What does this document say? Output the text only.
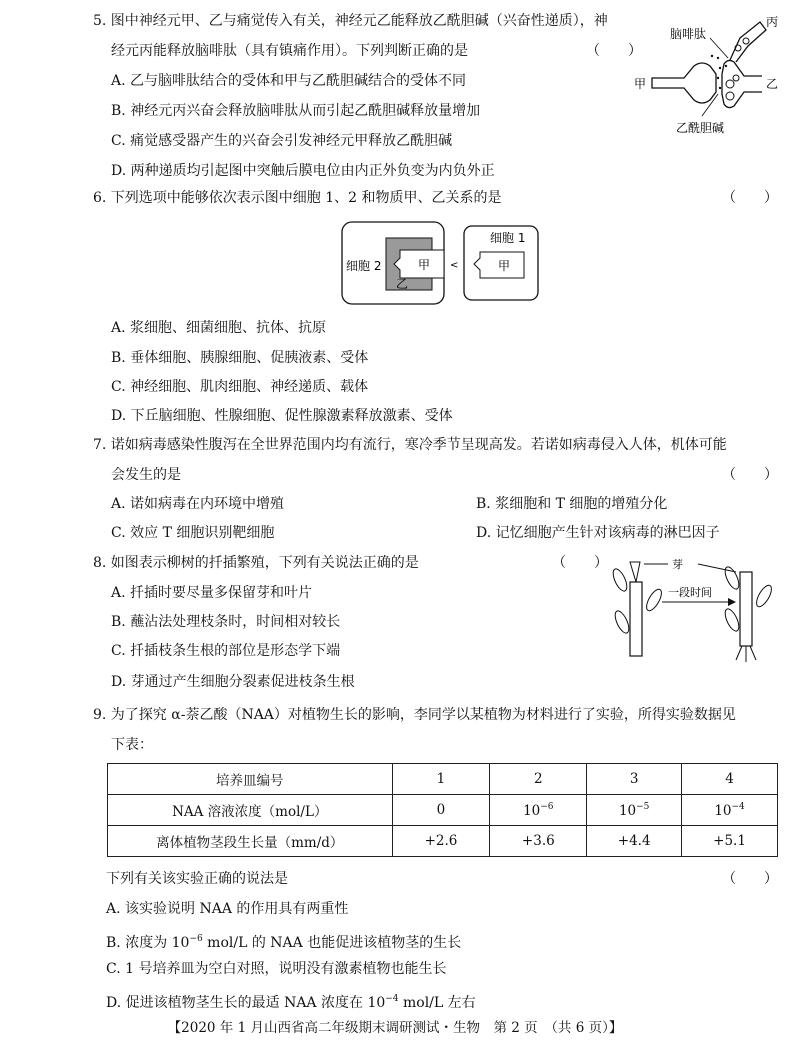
5. 图中神经元甲、乙与痛觉传入有关，神经元乙能释放乙酰胆碱（兴奋性递质），神
经元丙能释放脑啡肽（具有镇痛作用）。下列判断正确的是	（　　）
A. 乙与脑啡肽结合的受体和甲与乙酰胆碱结合的受体不同
B. 神经元丙兴奋会释放脑啡肽从而引起乙酰胆碱释放量增加
C. 痛觉感受器产生的兴奋会引发神经元甲释放乙酰胆碱
D. 两种递质均引起图中突触后膜电位由内正外负变为内负外正
脑啡肽
丙
甲	乙
乙酰胆碱
6. 下列选项中能够依次表示图中细胞 1、2 和物质甲、乙关系的是	（　　）
细胞 2
细胞 1
甲
乙
甲
<
A. 浆细胞、细菌细胞、抗体、抗原
B. 垂体细胞、胰腺细胞、促胰液素、受体
C. 神经细胞、肌肉细胞、神经递质、载体
D. 下丘脑细胞、性腺细胞、促性腺激素释放激素、受体
7. 诺如病毒感染性腹泻在全世界范围内均有流行，寒冷季节呈现高发。若诺如病毒侵入人体，机体可能
会发生的是	（　　）
A. 诺如病毒在内环境中增殖	B. 浆细胞和 T 细胞的增殖分化
C. 效应 T 细胞识别靶细胞	D. 记忆细胞产生针对该病毒的淋巴因子
8. 如图表示柳树的扦插繁殖，下列有关说法正确的是	（　　）
A. 扦插时要尽量多保留芽和叶片
B. 蘸沾法处理枝条时，时间相对较长
C. 扦插枝条生根的部位是形态学下端
D. 芽通过产生细胞分裂素促进枝条生根
芽
一段时间
9. 为了探究 α-萘乙酸（NAA）对植物生长的影响，李同学以某植物为材料进行了实验，所得实验数据见
下表：
培养皿编号	1	2	3	4
NAA 溶液浓度（mol/L）	0	$10^{-6}$	$10^{-5}$	$10^{-4}$
离体植物茎段生长量（mm/d）	+2.6	+3.6	+4.4	+5.1
下列有关该实验正确的说法是	（　　）
A. 该实验说明 NAA 的作用具有两重性
B. 浓度为 $10^{-6}$ mol/L 的 NAA 也能促进该植物茎的生长
C. 1 号培养皿为空白对照，说明没有激素植物也能生长
D. 促进该植物茎生长的最适 NAA 浓度在 $10^{-4}$ mol/L 左右
【2020 年 1 月山西省高二年级期末调研测试・生物　第 2 页　（共 6 页）】
